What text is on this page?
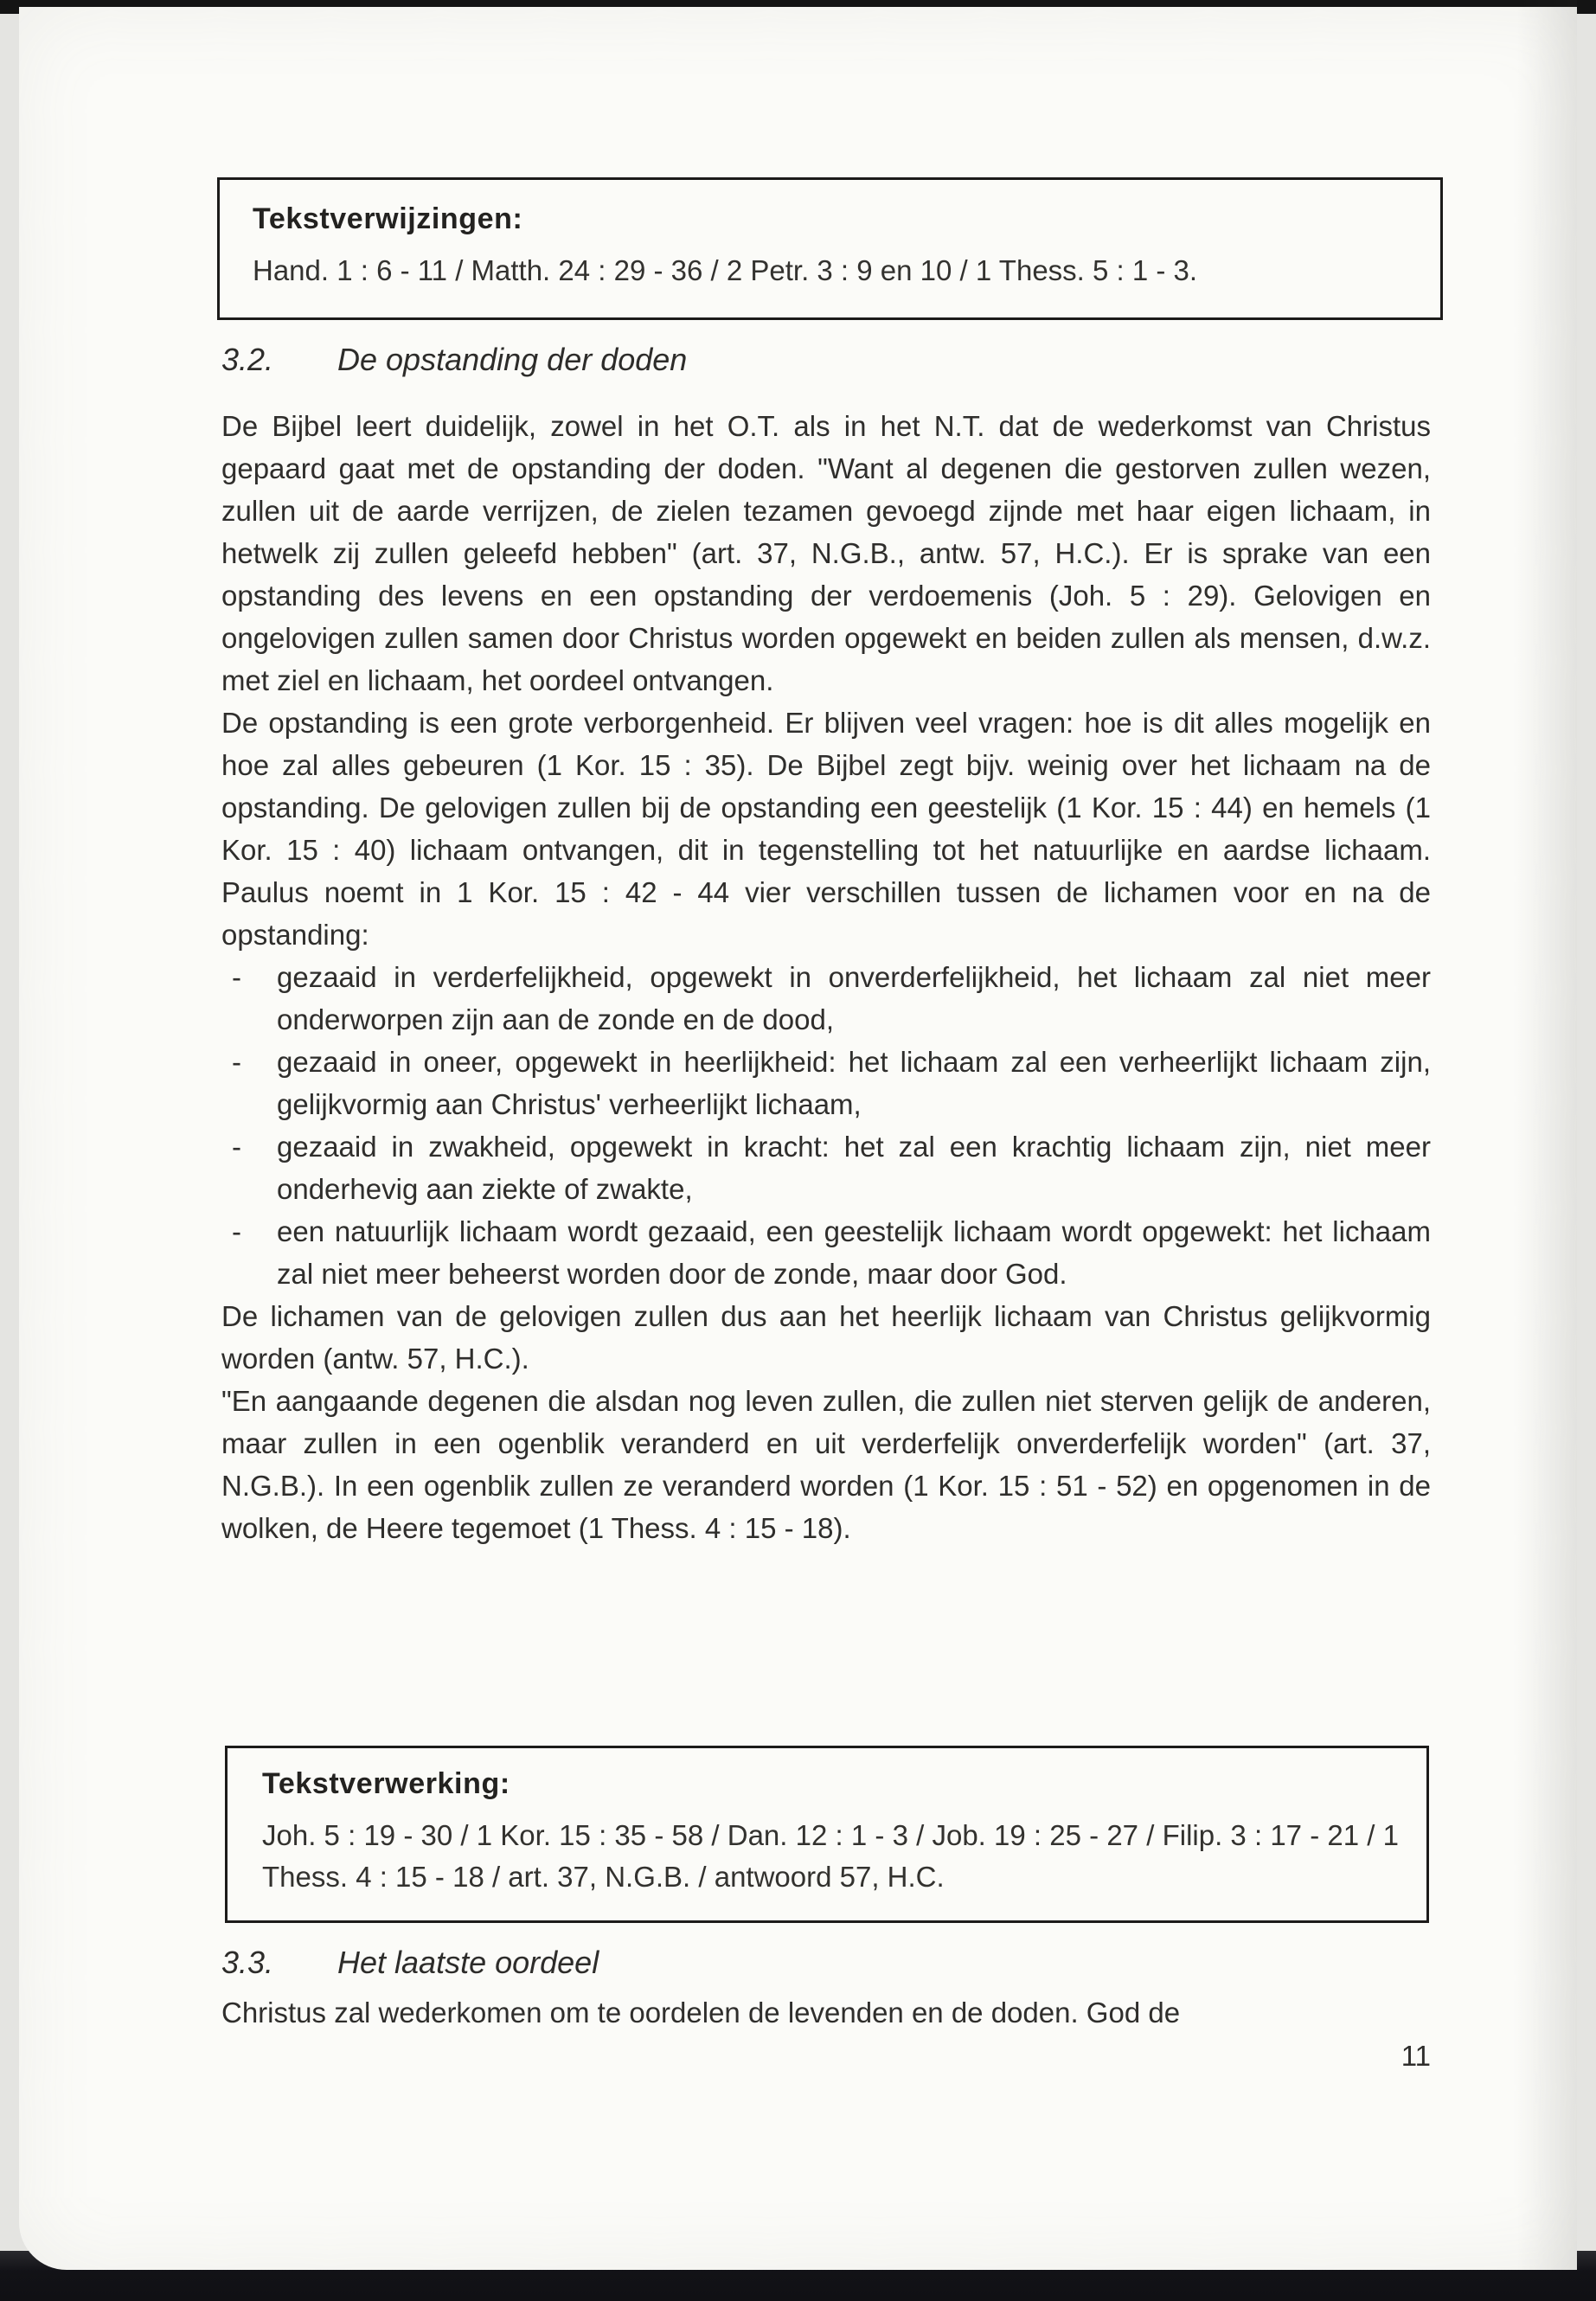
Tekstverwijzingen:
Hand. 1 : 6 - 11 / Matth. 24 : 29 - 36 / 2 Petr. 3 : 9 en 10 / 1 Thess. 5 : 1 - 3.
3.2.	De opstanding der doden

De Bijbel leert duidelijk, zowel in het O.T. als in het N.T. dat de wederkomst van Christus gepaard gaat met de opstanding der doden. "Want al degenen die gestorven zullen wezen, zullen uit de aarde verrijzen, de zielen tezamen gevoegd zijnde met haar eigen lichaam, in hetwelk zij zullen geleefd hebben" (art. 37, N.G.B., antw. 57, H.C.). Er is sprake van een opstanding des levens en een opstanding der verdoemenis (Joh. 5 : 29). Gelovigen en ongelovigen zullen samen door Christus worden opgewekt en beiden zullen als mensen, d.w.z. met ziel en lichaam, het oordeel ontvangen.

De opstanding is een grote verborgenheid. Er blijven veel vragen: hoe is dit alles mogelijk en hoe zal alles gebeuren (1 Kor. 15 : 35). De Bijbel zegt bijv. weinig over het lichaam na de opstanding. De gelovigen zullen bij de opstanding een geestelijk (1 Kor. 15 : 44) en hemels (1 Kor. 15 : 40) lichaam ontvangen, dit in tegenstelling tot het natuurlijke en aardse lichaam. Paulus noemt in 1 Kor. 15 : 42 - 44 vier verschillen tussen de lichamen voor en na de opstanding:

- gezaaid in verderfelijkheid, opgewekt in onverderfelijkheid, het lichaam zal niet meer onderworpen zijn aan de zonde en de dood,
- gezaaid in oneer, opgewekt in heerlijkheid: het lichaam zal een verheerlijkt lichaam zijn, gelijkvormig aan Christus' verheerlijkt lichaam,
- gezaaid in zwakheid, opgewekt in kracht: het zal een krachtig lichaam zijn, niet meer onderhevig aan ziekte of zwakte,
- een natuurlijk lichaam wordt gezaaid, een geestelijk lichaam wordt opgewekt: het lichaam zal niet meer beheerst worden door de zonde, maar door God.

De lichamen van de gelovigen zullen dus aan het heerlijk lichaam van Christus gelijkvormig worden (antw. 57, H.C.).

"En aangaande degenen die alsdan nog leven zullen, die zullen niet sterven gelijk de anderen, maar zullen in een ogenblik veranderd en uit verderfelijk onverderfelijk worden" (art. 37, N.G.B.). In een ogenblik zullen ze veranderd worden (1 Kor. 15 : 51 - 52) en opgenomen in de wolken, de Heere tegemoet (1 Thess. 4 : 15 - 18).

Tekstverwerking:
Joh. 5 : 19 - 30 / 1 Kor. 15 : 35 - 58 / Dan. 12 : 1 - 3 / Job. 19 : 25 - 27 / Filip. 3 : 17 - 21 / 1 Thess. 4 : 15 - 18 / art. 37, N.G.B. / antwoord 57, H.C.
3.3.	Het laatste oordeel
Christus zal wederkomen om te oordelen de levenden en de doden. God de
11
